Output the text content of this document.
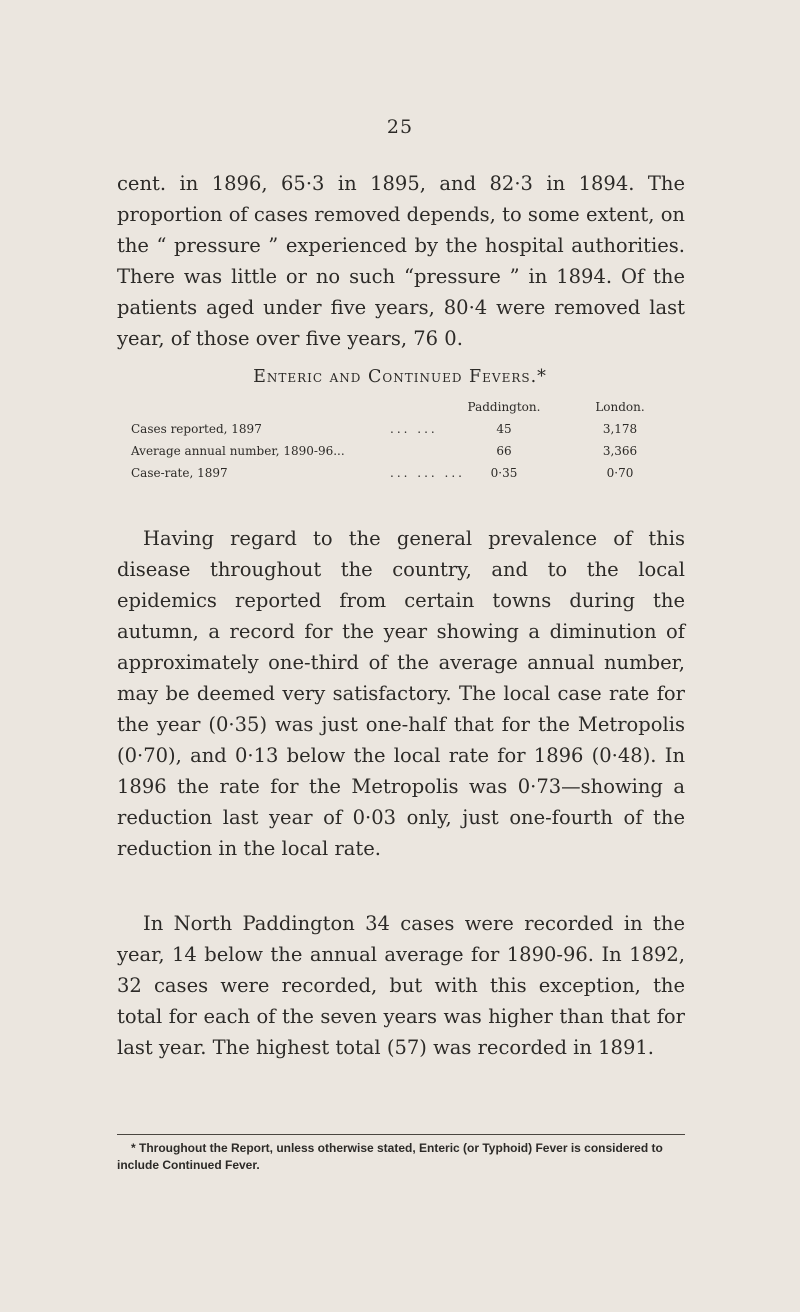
25

cent. in 1896, 65·3 in 1895, and 82·3 in 1894. The proportion of cases removed depends, to some extent, on the “ pressure ” experienced by the hospital authorities. There was little or no such “pressure ” in 1894. Of the patients aged under five years, 80·4 were removed last year, of those over five years, 76 0.

Enteric and Continued Fevers.*
Paddington.	London.
Cases reported, 1897	... ...	45	3,178
Average annual number, 1890-96...	66	3,366
Case-rate, 1897	... ... ...	0·35	0·70

Having regard to the general prevalence of this disease throughout the country, and to the local epidemics reported from certain towns during the autumn, a record for the year showing a diminution of approximately one-third of the average annual number, may be deemed very satisfactory. The local case rate for the year (0·35) was just one-half that for the Metropolis (0·70), and 0·13 below the local rate for 1896 (0·48). In 1896 the rate for the Metropolis was 0·73—showing a reduction last year of 0·03 only, just one-fourth of the reduction in the local rate.

In North Paddington 34 cases were recorded in the year, 14 below the annual average for 1890-96. In 1892, 32 cases were recorded, but with this exception, the total for each of the seven years was higher than that for last year. The highest total (57) was recorded in 1891.

* Throughout the Report, unless otherwise stated, Enteric (or Typhoid) Fever is considered to include Continued Fever.
